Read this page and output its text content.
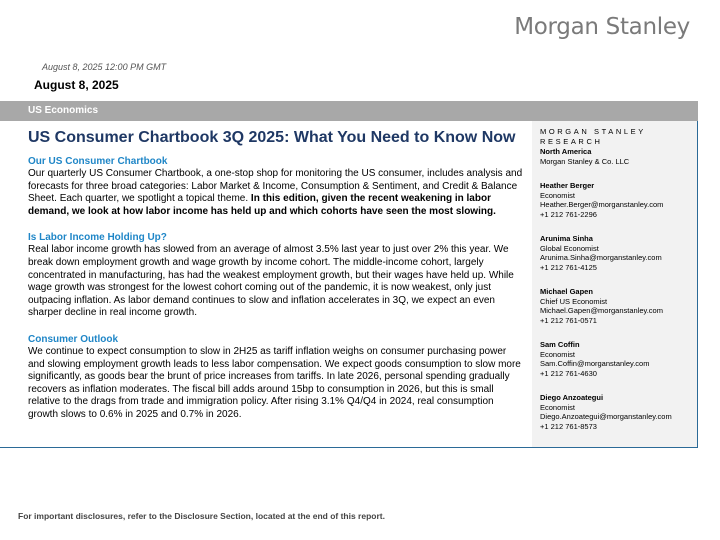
Morgan Stanley
August 8, 2025 12:00 PM GMT
August 8, 2025
US Economics
US Consumer Chartbook 3Q 2025: What You Need to Know Now

Our US Consumer Chartbook

Our quarterly US Consumer Chartbook, a one-stop shop for monitoring the US consumer, includes analysis and forecasts for three broad categories: Labor Market & Income, Consumption & Sentiment, and Credit & Balance Sheet. Each quarter, we spotlight a topical theme. In this edition, given the recent weakening in labor demand, we look at how labor income has held up and which cohorts have seen the most slowing.

Is Labor Income Holding Up?

Real labor income growth has slowed from an average of almost 3.5% last year to just over 2% this year. We break down employment growth and wage growth by income cohort. The middle-income cohort, largely concentrated in manufacturing, has had the weakest employment growth, but their wages have held up. While wage growth was strongest for the lowest cohort coming out of the pandemic, it is now weakest, only just outpacing inflation. As labor demand continues to slow and inflation accelerates in 3Q, we expect an even sharper decline in real income growth.

Consumer Outlook

We continue to expect consumption to slow in 2H25 as tariff inflation weighs on consumer purchasing power and slowing employment growth leads to less labor compensation. We expect goods consumption to slow more significantly, as goods bear the brunt of price increases from tariffs. In late 2026, personal spending gradually recovers as inflation moderates. The fiscal bill adds around 15bp to consumption in 2026, but this is small relative to the drags from trade and immigration policy. After rising 3.1% Q4/Q4 in 2024, real consumption growth slows to 0.6% in 2025 and 0.7% in 2026.

MORGAN STANLEY RESEARCH
North America
Morgan Stanley & Co. LLC
Heather Berger
Economist
Heather.Berger@morganstanley.com
+1 212 761-2296
Arunima Sinha
Global Economist
Arunima.Sinha@morganstanley.com
+1 212 761-4125
Michael Gapen
Chief US Economist
Michael.Gapen@morganstanley.com
+1 212 761-0571
Sam Coffin
Economist
Sam.Coffin@morganstanley.com
+1 212 761-4630
Diego Anzoategui
Economist
Diego.Anzoategui@morganstanley.com
+1 212 761-8573
For important disclosures, refer to the Disclosure Section, located at the end of this report.
